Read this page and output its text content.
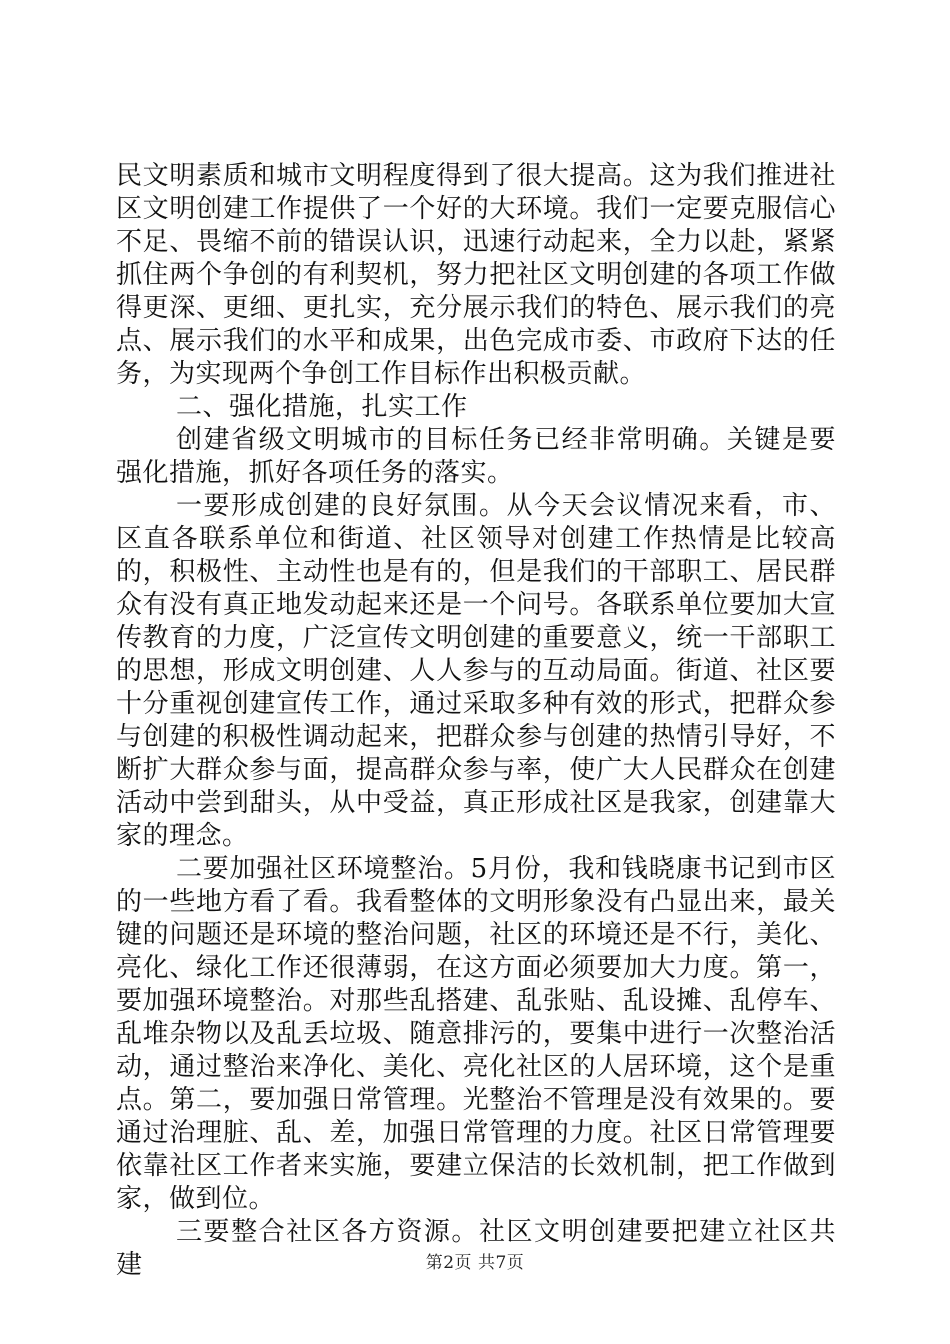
民文明素质和城市文明程度得到了很大提高。这为我们推进社区文明创建工作提供了一个好的大环境。我们一定要克服信心不足、畏缩不前的错误认识，迅速行动起来，全力以赴，紧紧抓住两个争创的有利契机，努力把社区文明创建的各项工作做得更深、更细、更扎实，充分展示我们的特色、展示我们的亮点、展示我们的水平和成果，出色完成市委、市政府下达的任务，为实现两个争创工作目标作出积极贡献。

二、强化措施，扎实工作

创建省级文明城市的目标任务已经非常明确。关键是要强化措施，抓好各项任务的落实。

一要形成创建的良好氛围。从今天会议情况来看，市、区直各联系单位和街道、社区领导对创建工作热情是比较高的，积极性、主动性也是有的，但是我们的干部职工、居民群众有没有真正地发动起来还是一个问号。各联系单位要加大宣传教育的力度，广泛宣传文明创建的重要意义，统一干部职工的思想，形成文明创建、人人参与的互动局面。街道、社区要十分重视创建宣传工作，通过采取多种有效的形式，把群众参与创建的积极性调动起来，把群众参与创建的热情引导好，不断扩大群众参与面，提高群众参与率，使广大人民群众在创建活动中尝到甜头，从中受益，真正形成社区是我家，创建靠大家的理念。

二要加强社区环境整治。5月份，我和钱晓康书记到市区的一些地方看了看。我看整体的文明形象没有凸显出来，最关键的问题还是环境的整治问题，社区的环境还是不行，美化、亮化、绿化工作还很薄弱，在这方面必须要加大力度。第一，要加强环境整治。对那些乱搭建、乱张贴、乱设摊、乱停车、乱堆杂物以及乱丢垃圾、随意排污的，要集中进行一次整治活动，通过整治来净化、美化、亮化社区的人居环境，这个是重点。第二，要加强日常管理。光整治不管理是没有效果的。要通过治理脏、乱、差，加强日常管理的力度。社区日常管理要依靠社区工作者来实施，要建立保洁的长效机制，把工作做到家，做到位。

三要整合社区各方资源。社区文明创建要把建立社区共建	第2页 共7页
